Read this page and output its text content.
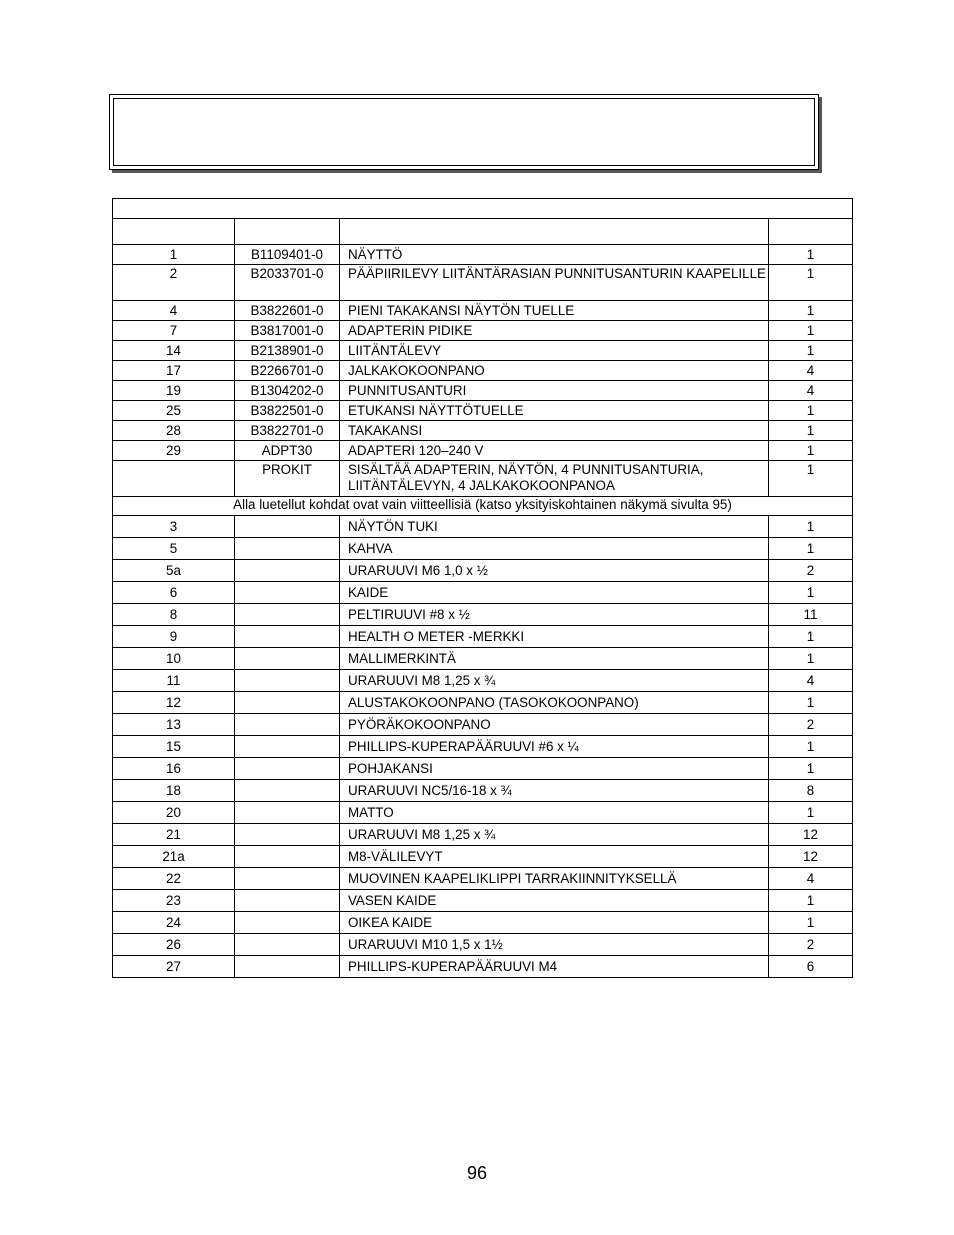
1	B1109401-0	NÄYTTÖ	1
2	B2033701-0	PÄÄPIIRILEVY LIITÄNTÄRASIAN PUNNITUSANTURIN KAAPELILLE	1
4	B3822601-0	PIENI TAKAKANSI NÄYTÖN TUELLE	1
7	B3817001-0	ADAPTERIN PIDIKE	1
14	B2138901-0	LIITÄNTÄLEVY	1
17	B2266701-0	JALKAKOKOONPANO	4
19	B1304202-0	PUNNITUSANTURI	4
25	B3822501-0	ETUKANSI NÄYTTÖTUELLE	1
28	B3822701-0	TAKAKANSI	1
29	ADPT30	ADAPTERI 120–240 V	1
	PROKIT	SISÄLTÄÄ ADAPTERIN, NÄYTÖN, 4 PUNNITUSANTURIA, LIITÄNTÄLEVYN, 4 JALKAKOKOONPANOA	1
Alla luetellut kohdat ovat vain viitteellisiä (katso yksityiskohtainen näkymä sivulta 95)			
3		NÄYTÖN TUKI	1
5		KAHVA	1
5a		URARUUVI M6 1,0 x ½	2
6		KAIDE	1
8		PELTIRUUVI #8 x ½	11
9		HEALTH O METER -MERKKI	1
10		MALLIMERKINTÄ	1
11		URARUUVI M8 1,25 x ¾	4
12		ALUSTAKOKOONPANO (TASOKOKOONPANO)	1
13		PYÖRÄKOKOONPANO	2
15		PHILLIPS-KUPERAPÄÄRUUVI #6 x ¼	1
16		POHJAKANSI	1
18		URARUUVI NC5/16-18 x ¾	8
20		MATTO	1
21		URARUUVI M8 1,25 x ¾	12
21a		M8-VÄLILEVYT	12
22		MUOVINEN KAAPELIKLIPPI TARRAKIINNITYKSELLÄ	4
23		VASEN KAIDE	1
24		OIKEA KAIDE	1
26		URARUUVI M10 1,5 x 1½	2
27		PHILLIPS-KUPERAPÄÄRUUVI M4	6
96
